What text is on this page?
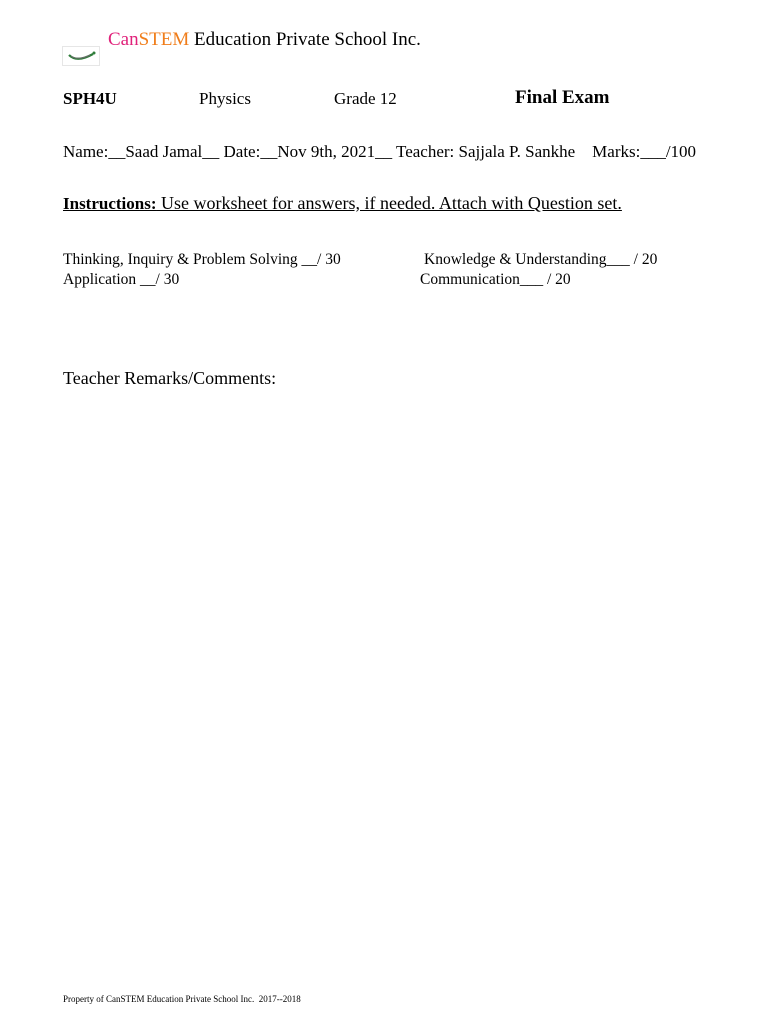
CanSTEM Education Private School Inc.
SPH4U	Physics	Grade 12	Final Exam
Name:__Saad Jamal__ Date:__Nov 9th, 2021__ Teacher: Sajjala P. Sankhe    Marks:___/100
Instructions: Use worksheet for answers, if needed. Attach with Question set.
Thinking, Inquiry & Problem Solving __/ 30	Knowledge & Understanding___ / 20
Application __/ 30	Communication___ / 20
Teacher Remarks/Comments:
Property of CanSTEM Education Private School Inc.  2017--2018
